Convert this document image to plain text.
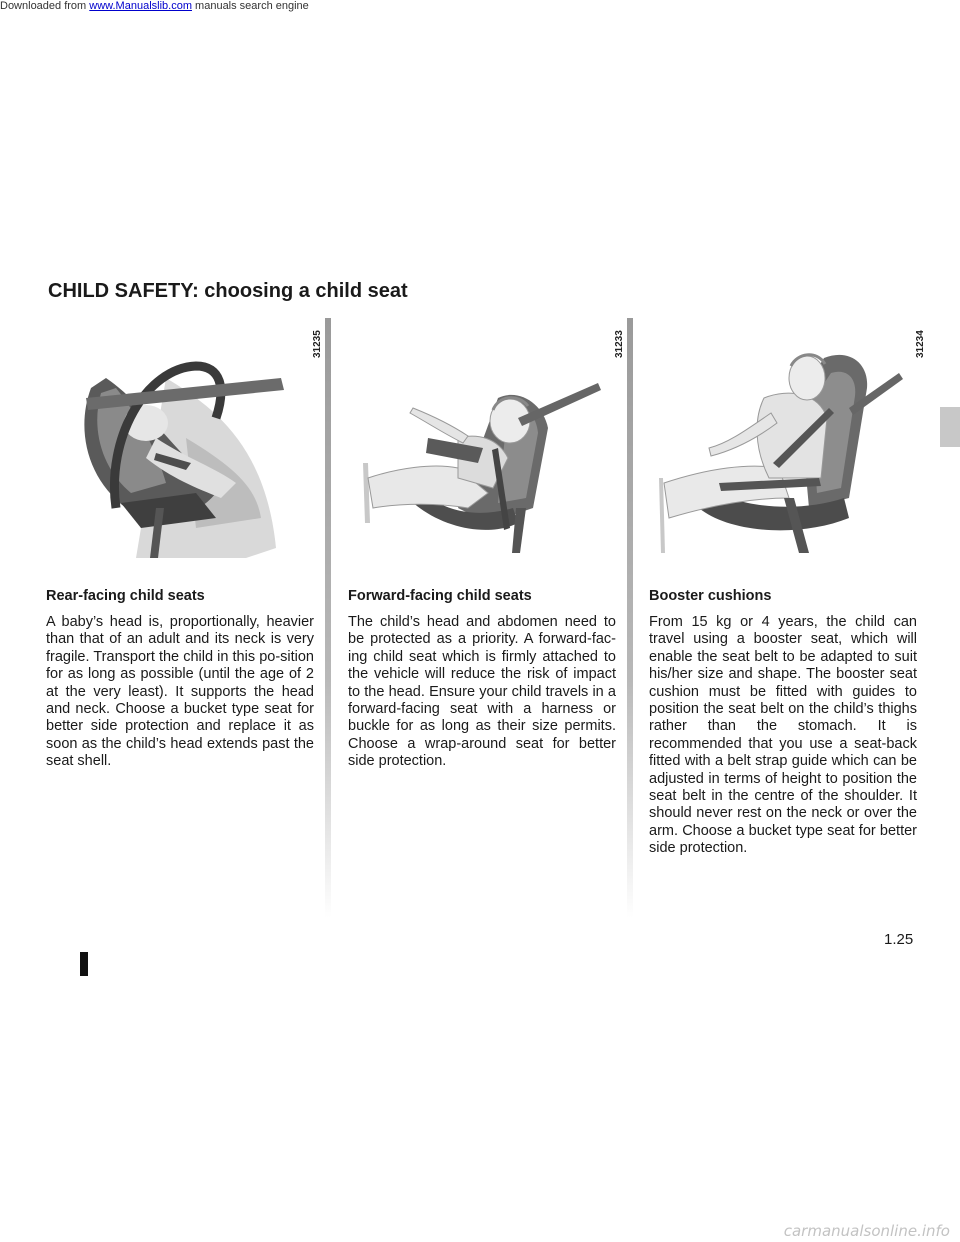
Downloaded from www.Manualslib.com manuals search engine
CHILD SAFETY: choosing a child seat
31235
Rear-facing child seats

A baby’s head is, proportionally, heavier than that of an adult and its neck is very fragile. Transport the child in this po-sition for as long as possible (until the age of 2 at the very least). It supports the head and neck. Choose a bucket type seat for better side protection and replace it as soon as the child’s head extends past the seat shell.

31233
Forward-facing child seats

The child’s head and abdomen need to be protected as a priority. A forward-fac-ing child seat which is firmly attached to the vehicle will reduce the risk of impact to the head. Ensure your child travels in a forward-facing seat with a harness or buckle for as long as their size permits. Choose a wrap-around seat for better side protection.

31234
Booster cushions

From 15 kg or 4 years, the child can travel using a booster seat, which will enable the seat belt to be adapted to suit his/her size and shape. The booster seat cushion must be fitted with guides to position the seat belt on the child’s thighs rather than the stomach. It is recommended that you use a seat-back fitted with a belt strap guide which can be adjusted in terms of height to position the seat belt in the centre of the shoulder. It should never rest on the neck or over the arm. Choose a bucket type seat for better side protection.

1.25
carmanualsonline.info
